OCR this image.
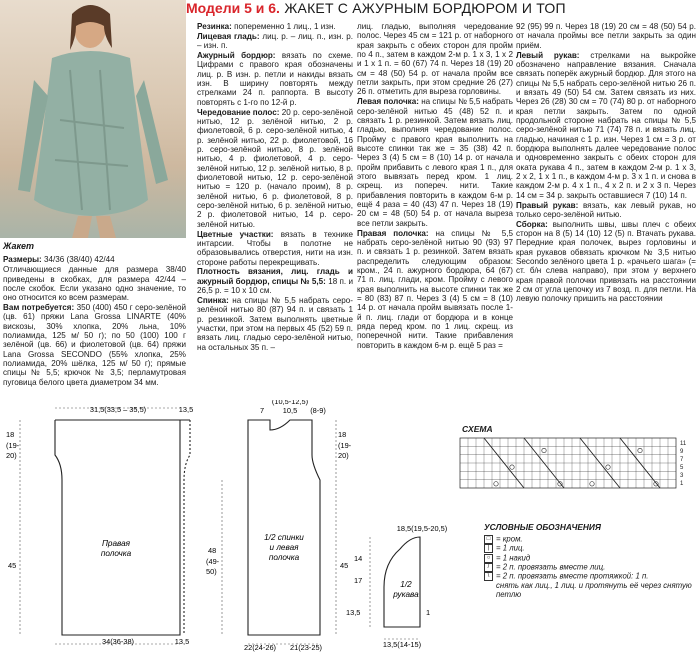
Модели 5 и 6. ЖАКЕТ С АЖУРНЫМ БОРДЮРОМ И ТОП

Жакет

Размеры: 34/36 (38/40) 42/44

Отличающиеся данные для размера 38/40 приведены в скобках, для размера 42/44 – после скобок. Если указано одно значение, то оно относится ко всем размерам.

Вам потребуется: 350 (400) 450 г серо-зелёной (цв. 61) пряжи Lana Grossa LINARTE (40% вискозы, 30% хлопка, 20% льна, 10% полиамида, 125 м/ 50 г); по 50 (100) 100 г зелёной (цв. 66) и фиолетовой (цв. 64) пряжи Lana Grossa SECONDO (55% хлопка, 25% полиамида, 20% шёлка, 125 м/ 50 г); прямые спицы № 5,5; крючок № 3,5; перламутровая пуговица белого цвета диаметром 34 мм.

Резинка: попеременно 1 лиц., 1 изн.

Лицевая гладь: лиц. р. – лиц. п., изн. р. – изн. п.

Ажурный бордюр: вязать по схеме. Цифрами с правого края обозначены лиц. р. В изн. р. петли и накиды вязать изн. В ширину повторять между стрелками 24 п. раппорта. В высоту повторять с 1-го по 12-й р.

Чередование полос: 20 р. серо-зелёной нитью, 12 р. зелёной нитью, 2 р. фиолетовой, 6 р. серо-зелёной нитью, 4 р. зелёной нитью, 22 р. фиолетовой, 16 р. серо-зелёной нитью, 8 р. зелёной нитью, 4 р. фиолетовой, 4 р. серо-зелёной нитью, 12 р. зелёной нитью, 8 р. фиолетовой нитью, 12 р. серо-зелёной нитью = 120 р. (начало проим), 8 р. зелёной нитью, 6 р. фиолетовой, 8 р. серо-зелёной нитью, 6 р. зелёной нитью, 2 р. фиолетовой нитью, 14 р. серо-зелёной нитью.

Цветные участки: вязать в технике интарсии. Чтобы в полотне не образовывались отверстия, нити на изн. стороне работы перекрещивать.

Плотность вязания, лиц. гладь и ажурный бордюр, спицы № 5,5: 18 п. и 26,5 р. = 10 х 10 см.

Спинка: на спицы № 5,5 набрать серо-зелёной нитью 80 (87) 94 п. и связать 1 р. резинкой. Затем выполнять цветные участки, при этом на первых 45 (52) 59 п. вязать лиц. гладью серо-зелёной нитью, на остальных 35 п. –

лиц. гладью, выполняя чередование полос. Через 45 см = 121 р. от наборного края закрыть с обеих сторон для пройм по 4 п., затем в каждом 2-м р. 1 х 3, 1 х 2 и 1 х 1 п. = 60 (67) 74 п. Через 18 (19) 20 см = 48 (50) 54 р. от начала пройм все петли закрыть, при этом средние 26 (27) 26 п. отметить для выреза горловины.

Левая полочка: на спицы № 5,5 набрать серо-зелёной нитью 45 (48) 52 п. и связать 1 р. резинкой. Затем вязать лиц. гладью, выполняя чередование полос. Пройму с правого края выполнить на высоте спинки так же = 35 (38) 42 п. Через 3 (4) 5 см = 8 (10) 14 р. от начала пройм прибавить с левого края 1 п., для этого вывязать перед кром. 1 лиц. скрещ. из попереч. нити. Такие прибавления повторить в каждом 6-м р. ещё 4 раза = 40 (43) 47 п. Через 18 (19) 20 см = 48 (50) 54 р. от начала выреза все петли закрыть.

Правая полочка: на спицы № 5,5 набрать серо-зелёной нитью 90 (93) 97 п. и связать 1 р. резинкой. Затем вязать распределить следующим образом: кром., 24 п. ажурного бордюра, 64 (67) 71 п. лиц. глади, кром. Пройму с левого края выполнить на высоте спинки так же = 80 (83) 87 п. Через 3 (4) 5 см = 8 (10) 14 р. от начала пройм вывязать после 1-й п. лиц. глади от бордюра и в конце ряда перед кром. по 1 лиц. скрещ. из поперечной нити. Такие прибавления повторить в каждом 6-м р. ещё 5 раз =

92 (95) 99 п. Через 18 (19) 20 см = 48 (50) 54 р. от начала проймы все петли закрыть за один приём.

Левый рукав: стрелками на выкройке обозначено направление вязания. Сначала связать поперёк ажурный бордюр. Для этого на спицы № 5,5 набрать серо-зелёной нитью 26 п. и вязать 49 (50) 54 см. Затем связать из них. Через 26 (28) 30 см = 70 (74) 80 р. от наборного края петли закрыть. Затем по одной продольной стороне набрать на спицы № 5,5 серо-зелёной нитью 71 (74) 78 п. и вязать лиц. гладью, начиная с 1 р. изн. Через 1 см = 3 р. от бордюра выполнять далее чередование полос и одновременно закрыть с обеих сторон для оката рукава 4 п., затем в каждом 2-м р. 1 х 3, 2 х 2, 1 х 1 п., в каждом 4-м р. 3 х 1 п. и снова в каждом 2-м р. 4 х 1 п., 4 х 2 п. и 2 х 3 п. Через 14 см = 34 р. закрыть оставшиеся 7 (10) 14 п.

Правый рукав: вязать, как левый рукав, но только серо-зелёной нитью.

Сборка: выполнить швы, швы плеч с обеих сторон на 8 (5) 14 (10) 12 (5) п. Втачать рукава. Передние края полочек, вырез горловины и края рукавов обвязать крючком № 3,5 нитью Secondo зелёного цвета 1 р. «рачьего шага» (= ст. б/н слева направо), при этом у верхнего края правой полочки привязать на расстоянии 2 см от угла цепочку из 7 возд. п. для петли. На левую полочку пришить на расстоянии

31,5(33,5 – 35,5)	13,5
18
(19-
20)
45
48
(49-
50)
Правая
полочка
34(36-38)	13,5
(10,5-12,5)
10,5
7	(8-9)
18
(19-
20)
45
1/2 спинки
и левая
полочка
22(24-26) 21(23-25)
18,5(19,5-20,5)
14
17
13,5
1/2
рукава
13,5(14-15)
1
СХЕМА
11
9
7
5
3
1
УСЛОВНЫЕ ОБОЗНАЧЕНИЯ
□ = кром.
| = 1 лиц.
○ = 1 накид
/ = 2 п. провязать вместе лиц.
\ = 2 п. провязать вместе протяжкой: 1 п.
снять как лиц., 1 лиц. и протянуть её через снятую петлю
